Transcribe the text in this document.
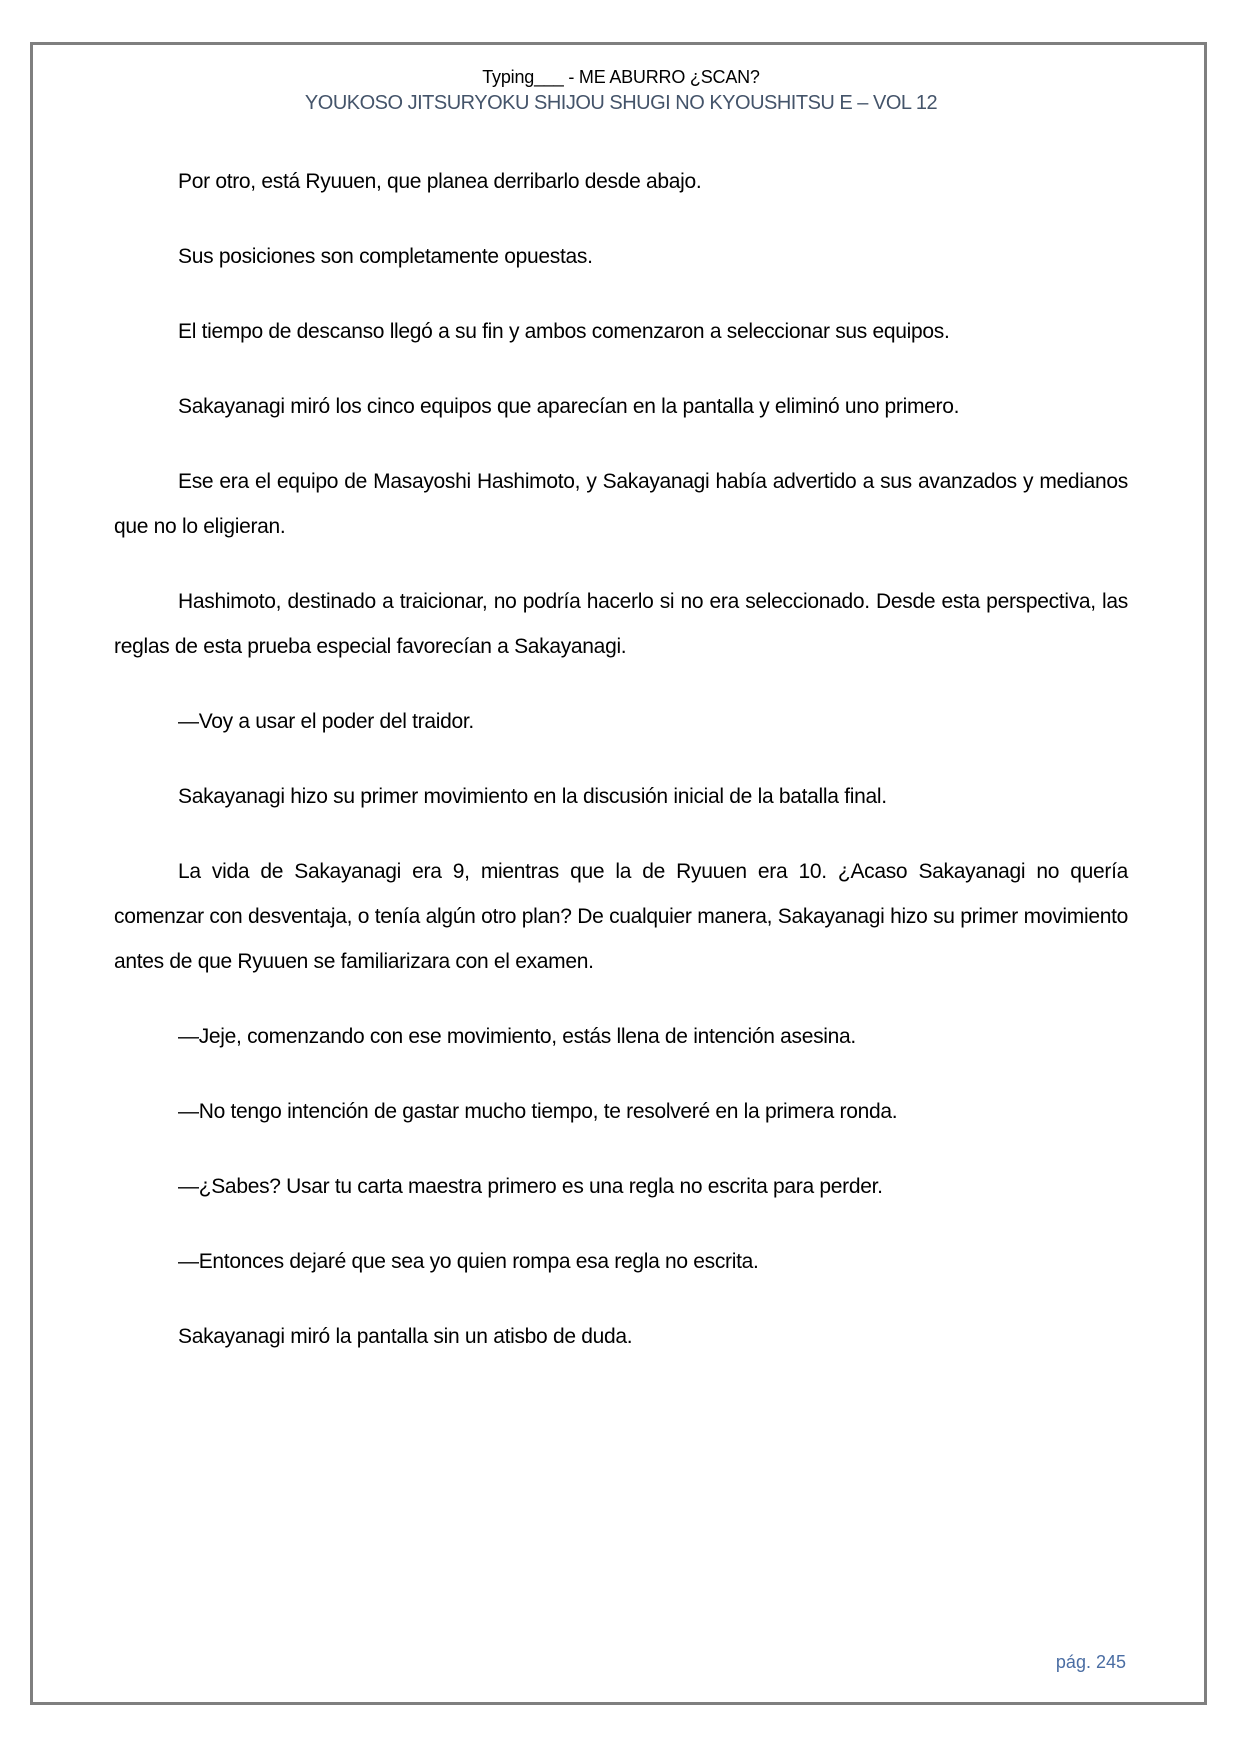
Typing___ - ME ABURRO ¿SCAN?
YOUKOSO JITSURYOKU SHIJOU SHUGI NO KYOUSHITSU E – VOL 12

Por otro, está Ryuuen, que planea derribarlo desde abajo.

Sus posiciones son completamente opuestas.

El tiempo de descanso llegó a su fin y ambos comenzaron a seleccionar sus equipos.

Sakayanagi miró los cinco equipos que aparecían en la pantalla y eliminó uno primero.

Ese era el equipo de Masayoshi Hashimoto, y Sakayanagi había advertido a sus avanzados y medianos que no lo eligieran.

Hashimoto, destinado a traicionar, no podría hacerlo si no era seleccionado. Desde esta perspectiva, las reglas de esta prueba especial favorecían a Sakayanagi.

—Voy a usar el poder del traidor.

Sakayanagi hizo su primer movimiento en la discusión inicial de la batalla final.

La vida de Sakayanagi era 9, mientras que la de Ryuuen era 10. ¿Acaso Sakayanagi no quería comenzar con desventaja, o tenía algún otro plan? De cualquier manera, Sakayanagi hizo su primer movimiento antes de que Ryuuen se familiarizara con el examen.

—Jeje, comenzando con ese movimiento, estás llena de intención asesina.

—No tengo intención de gastar mucho tiempo, te resolveré en la primera ronda.

—¿Sabes? Usar tu carta maestra primero es una regla no escrita para perder.

—Entonces dejaré que sea yo quien rompa esa regla no escrita.

Sakayanagi miró la pantalla sin un atisbo de duda.

pág. 245
